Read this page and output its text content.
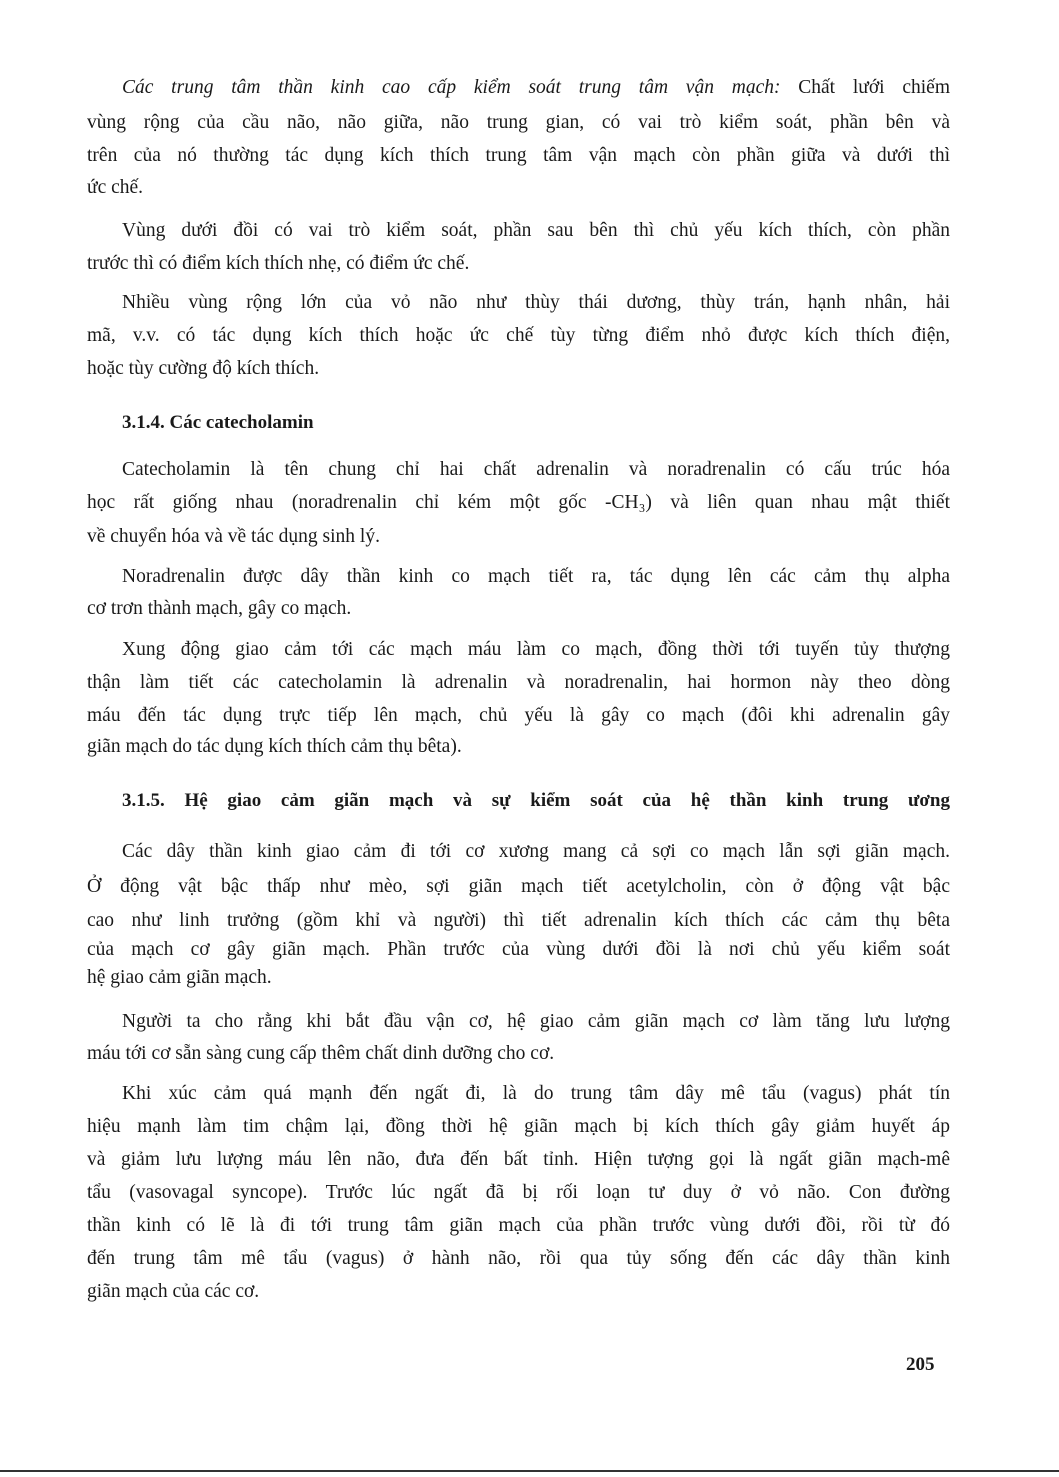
Các trung tâm thần kinh cao cấp kiểm soát trung tâm vận mạch: Chất lưới chiếm
vùng rộng của cầu não, não giữa, não trung gian, có vai trò kiểm soát, phần bên và
trên của nó thường tác dụng kích thích trung tâm vận mạch còn phần giữa và dưới thì
ức chế.
Vùng dưới đồi có vai trò kiểm soát, phần sau bên thì chủ yếu kích thích, còn phần
trước thì có điểm kích thích nhẹ, có điểm ức chế.
Nhiều vùng rộng lớn của vỏ não như thùy thái dương, thùy trán, hạnh nhân, hải
mã, v.v. có tác dụng kích thích hoặc ức chế tùy từng điểm nhỏ được kích thích điện,
hoặc tùy cường độ kích thích.
Catecholamin là tên chung chỉ hai chất adrenalin và noradrenalin có cấu trúc hóa
học rất giống nhau (noradrenalin chỉ kém một gốc -CH₃) và liên quan nhau mật thiết
về chuyển hóa và về tác dụng sinh lý.
Noradrenalin được dây thần kinh co mạch tiết ra, tác dụng lên các cảm thụ alpha
cơ trơn thành mạch, gây co mạch.
Xung động giao cảm tới các mạch máu làm co mạch, đồng thời tới tuyến tủy thượng
thận làm tiết các catecholamin là adrenalin và noradrenalin, hai hormon này theo dòng
máu đến tác dụng trực tiếp lên mạch, chủ yếu là gây co mạch (đôi khi adrenalin gây
giãn mạch do tác dụng kích thích cảm thụ bêta).
Các dây thần kinh giao cảm đi tới cơ xương mang cả sợi co mạch lẫn sợi giãn mạch.
Ở động vật bậc thấp như mèo, sợi giãn mạch tiết acetylcholin, còn ở động vật bậc
cao như linh trưởng (gồm khỉ và người) thì tiết adrenalin kích thích các cảm thụ bêta
của mạch cơ gây giãn mạch. Phần trước của vùng dưới đồi là nơi chủ yếu kiểm soát
hệ giao cảm giãn mạch.
Người ta cho rằng khi bắt đầu vận cơ, hệ giao cảm giãn mạch cơ làm tăng lưu lượng
máu tới cơ sẵn sàng cung cấp thêm chất dinh dưỡng cho cơ.
Khi xúc cảm quá mạnh đến ngất đi, là do trung tâm dây mê tẩu (vagus) phát tín
hiệu mạnh làm tim chậm lại, đồng thời hệ giãn mạch bị kích thích gây giảm huyết áp
và giảm lưu lượng máu lên não, đưa đến bất tỉnh. Hiện tượng gọi là ngất giãn mạch-mê
tẩu (vasovagal syncope). Trước lúc ngất đã bị rối loạn tư duy ở vỏ não. Con đường
thần kinh có lẽ là đi tới trung tâm giãn mạch của phần trước vùng dưới đồi, rồi từ đó
đến trung tâm mê tẩu (vagus) ở hành não, rồi qua tủy sống đến các dây thần kinh
giãn mạch của các cơ.
3.1.4. Các catecholamin
3.1.5. Hệ giao cảm giãn mạch và sự kiểm soát của hệ thần kinh trung ương
205
